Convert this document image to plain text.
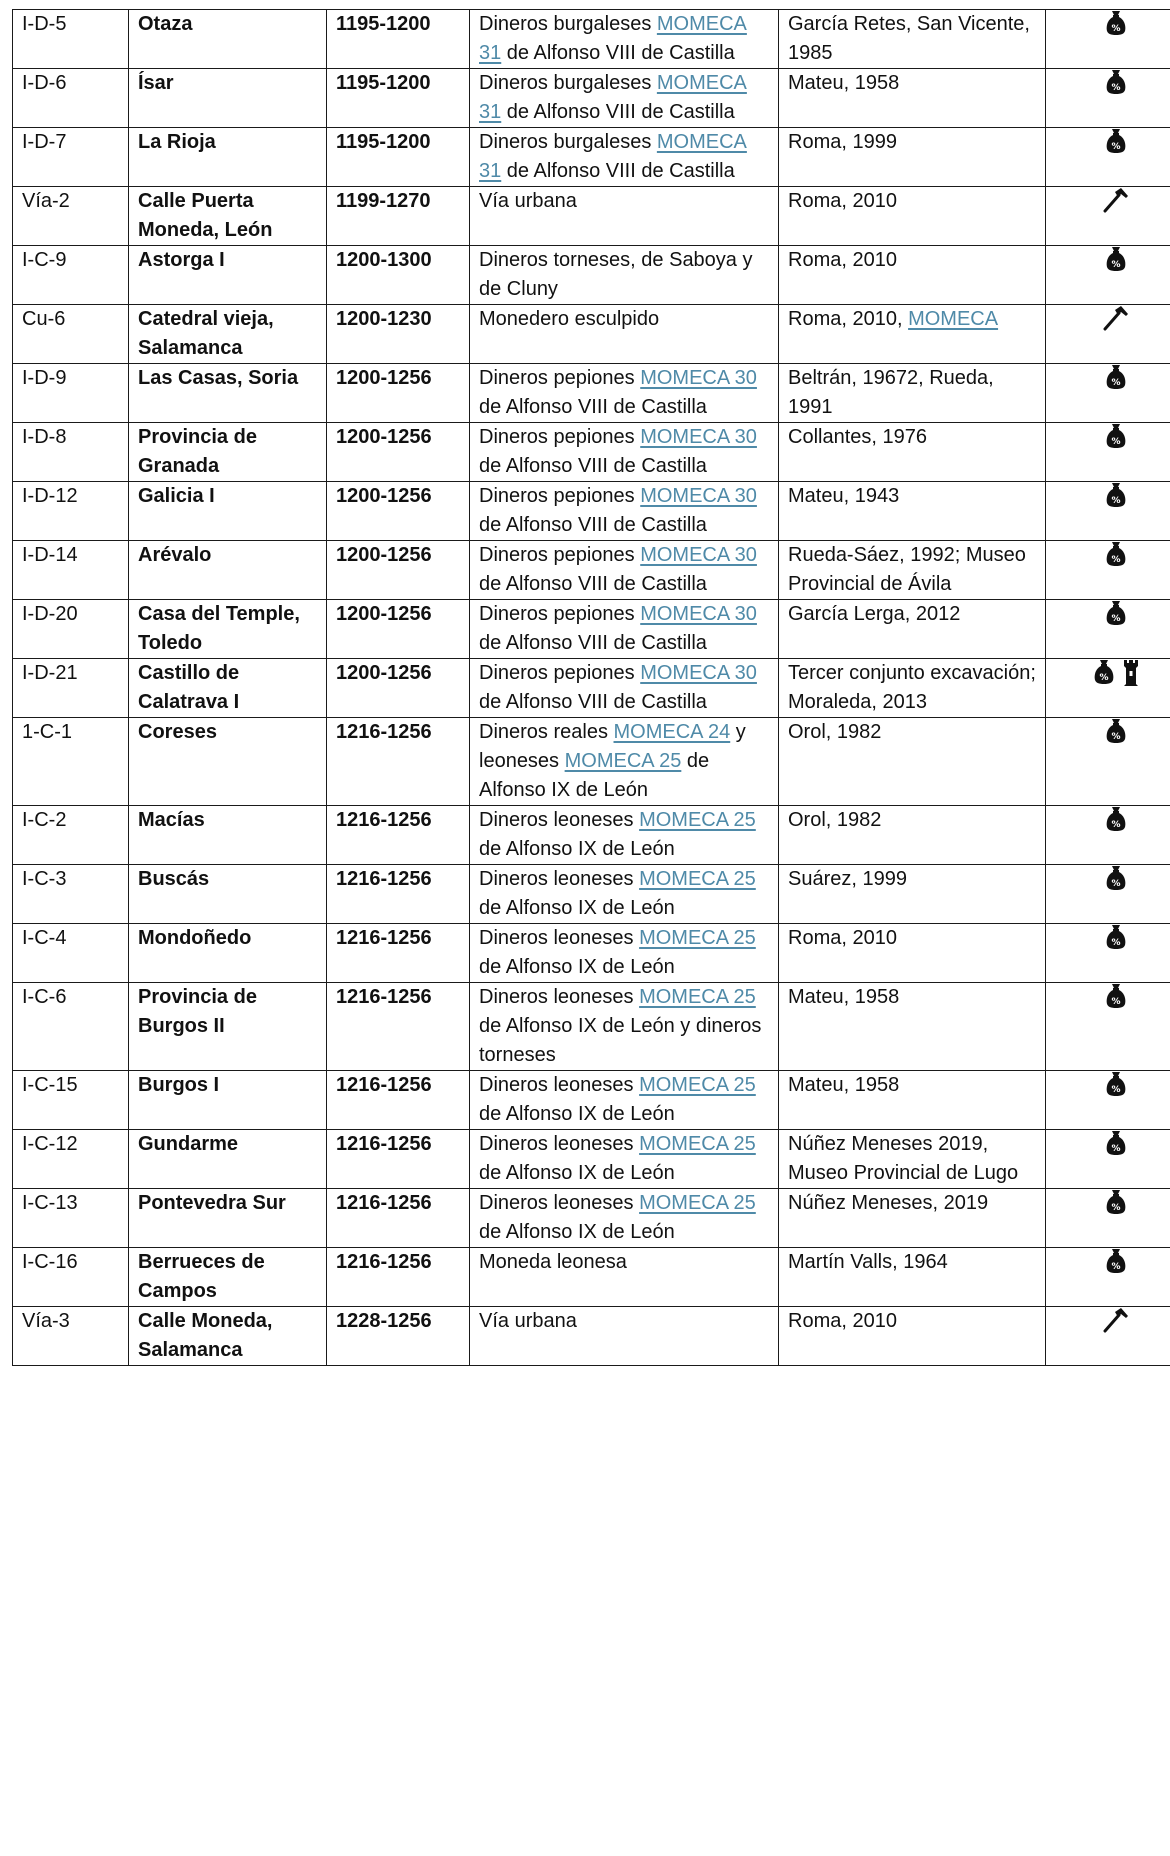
I-D-5	Otaza	1195-1200	Dineros burgaleses MOMECA 31 de Alfonso VIII de Castilla	García Retes, San Vicente, 1985	%

I-D-6	Ísar	1195-1200	Dineros burgaleses MOMECA 31 de Alfonso VIII de Castilla	Mateu, 1958	%

I-D-7	La Rioja	1195-1200	Dineros burgaleses MOMECA 31 de Alfonso VIII de Castilla	Roma, 1999	%

Vía-2	Calle Puerta Moneda, León	1199-1270	Vía urbana	Roma, 2010	
I-C-9	Astorga I	1200-1300	Dineros torneses, de Saboya y de Cluny	Roma, 2010	%

Cu-6	Catedral vieja, Salamanca	1200-1230	Monedero esculpido	Roma, 2010, MOMECA	
I-D-9	Las Casas, Soria	1200-1256	Dineros pepiones MOMECA 30 de Alfonso VIII de Castilla	Beltrán, 19672, Rueda, 1991	%

I-D-8	Provincia de Granada	1200-1256	Dineros pepiones MOMECA 30 de Alfonso VIII de Castilla	Collantes, 1976	%

I-D-12	Galicia I	1200-1256	Dineros pepiones MOMECA 30 de Alfonso VIII de Castilla	Mateu, 1943	%

I-D-14	Arévalo	1200-1256	Dineros pepiones MOMECA 30 de Alfonso VIII de Castilla	Rueda-Sáez, 1992; Museo Provincial de Ávila	%

I-D-20	Casa del Temple, Toledo	1200-1256	Dineros pepiones MOMECA 30 de Alfonso VIII de Castilla	García Lerga, 2012	%

I-D-21	Castillo de Calatrava I	1200-1256	Dineros pepiones MOMECA 30 de Alfonso VIII de Castilla	Tercer conjunto excavación; Moraleda, 2013	%

1-C-1	Coreses	1216-1256	Dineros reales MOMECA 24 y leoneses MOMECA 25 de Alfonso IX de León	Orol, 1982	%

I-C-2	Macías	1216-1256	Dineros leoneses MOMECA 25 de Alfonso IX de León	Orol, 1982	%

I-C-3	Buscás	1216-1256	Dineros leoneses MOMECA 25 de Alfonso IX de León	Suárez, 1999	%

I-C-4	Mondoñedo	1216-1256	Dineros leoneses MOMECA 25 de Alfonso IX de León	Roma, 2010	%

I-C-6	Provincia de Burgos II	1216-1256	Dineros leoneses MOMECA 25 de Alfonso IX de León y dineros torneses	Mateu, 1958	%

I-C-15	Burgos I	1216-1256	Dineros leoneses MOMECA 25 de Alfonso IX de León	Mateu, 1958	%

I-C-12	Gundarme	1216-1256	Dineros leoneses MOMECA 25 de Alfonso IX de León	Núñez Meneses 2019, Museo Provincial de Lugo	%

I-C-13	Pontevedra Sur	1216-1256	Dineros leoneses MOMECA 25 de Alfonso IX de León	Núñez Meneses, 2019	%

I-C-16	Berrueces de Campos	1216-1256	Moneda leonesa	Martín Valls, 1964	%

Vía-3	Calle Moneda, Salamanca	1228-1256	Vía urbana	Roma, 2010	
